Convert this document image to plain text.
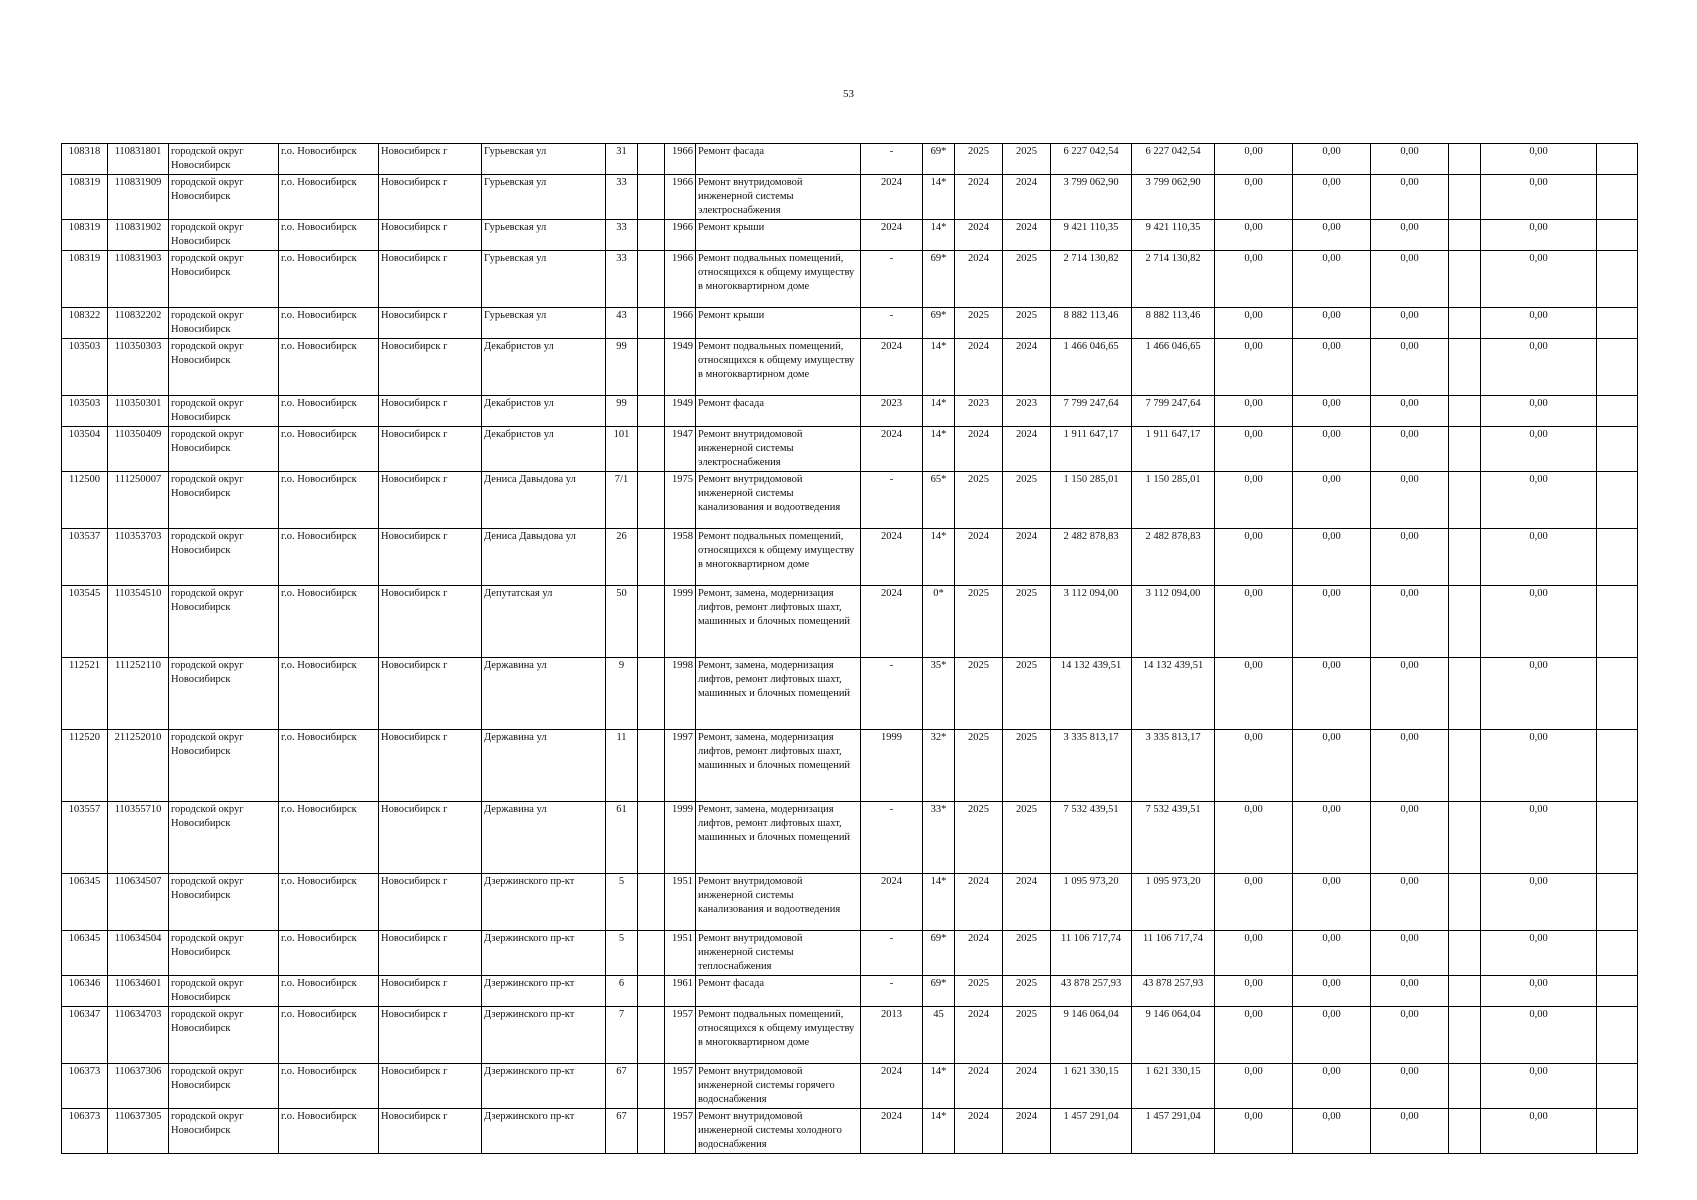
53
108318	110831801	городской округ Новосибирск	г.о. Новосибирск	Новосибирск г	Гурьевская ул	31		1966	Ремонт фасада	-	69*	2025	2025	6 227 042,54	6 227 042,54	0,00	0,00	0,00		0,00	
108319	110831909	городской округ Новосибирск	г.о. Новосибирск	Новосибирск г	Гурьевская ул	33		1966	Ремонт внутридомовой инженерной системы электроснабжения	2024	14*	2024	2024	3 799 062,90	3 799 062,90	0,00	0,00	0,00		0,00	
108319	110831902	городской округ Новосибирск	г.о. Новосибирск	Новосибирск г	Гурьевская ул	33		1966	Ремонт крыши	2024	14*	2024	2024	9 421 110,35	9 421 110,35	0,00	0,00	0,00		0,00	
108319	110831903	городской округ Новосибирск	г.о. Новосибирск	Новосибирск г	Гурьевская ул	33		1966	Ремонт подвальных помещений, относящихся к общему имуществу в многоквартирном доме	-	69*	2024	2025	2 714 130,82	2 714 130,82	0,00	0,00	0,00		0,00	
108322	110832202	городской округ Новосибирск	г.о. Новосибирск	Новосибирск г	Гурьевская ул	43		1966	Ремонт крыши	-	69*	2025	2025	8 882 113,46	8 882 113,46	0,00	0,00	0,00		0,00	
103503	110350303	городской округ Новосибирск	г.о. Новосибирск	Новосибирск г	Декабристов ул	99		1949	Ремонт подвальных помещений, относящихся к общему имуществу в многоквартирном доме	2024	14*	2024	2024	1 466 046,65	1 466 046,65	0,00	0,00	0,00		0,00	
103503	110350301	городской округ Новосибирск	г.о. Новосибирск	Новосибирск г	Декабристов ул	99		1949	Ремонт фасада	2023	14*	2023	2023	7 799 247,64	7 799 247,64	0,00	0,00	0,00		0,00	
103504	110350409	городской округ Новосибирск	г.о. Новосибирск	Новосибирск г	Декабристов ул	101		1947	Ремонт внутридомовой инженерной системы электроснабжения	2024	14*	2024	2024	1 911 647,17	1 911 647,17	0,00	0,00	0,00		0,00	
112500	111250007	городской округ Новосибирск	г.о. Новосибирск	Новосибирск г	Дениса Давыдова ул	7/1		1975	Ремонт внутридомовой инженерной системы канализования и водоотведения	-	65*	2025	2025	1 150 285,01	1 150 285,01	0,00	0,00	0,00		0,00	
103537	110353703	городской округ Новосибирск	г.о. Новосибирск	Новосибирск г	Дениса Давыдова ул	26		1958	Ремонт подвальных помещений, относящихся к общему имуществу в многоквартирном доме	2024	14*	2024	2024	2 482 878,83	2 482 878,83	0,00	0,00	0,00		0,00	
103545	110354510	городской округ Новосибирск	г.о. Новосибирск	Новосибирск г	Депутатская ул	50		1999	Ремонт, замена, модернизация лифтов, ремонт лифтовых шахт, машинных и блочных помещений	2024	0*	2025	2025	3 112 094,00	3 112 094,00	0,00	0,00	0,00		0,00	
112521	111252110	городской округ Новосибирск	г.о. Новосибирск	Новосибирск г	Державина ул	9		1998	Ремонт, замена, модернизация лифтов, ремонт лифтовых шахт, машинных и блочных помещений	-	35*	2025	2025	14 132 439,51	14 132 439,51	0,00	0,00	0,00		0,00	
112520	211252010	городской округ Новосибирск	г.о. Новосибирск	Новосибирск г	Державина ул	11		1997	Ремонт, замена, модернизация лифтов, ремонт лифтовых шахт, машинных и блочных помещений	1999	32*	2025	2025	3 335 813,17	3 335 813,17	0,00	0,00	0,00		0,00	
103557	110355710	городской округ Новосибирск	г.о. Новосибирск	Новосибирск г	Державина ул	61		1999	Ремонт, замена, модернизация лифтов, ремонт лифтовых шахт, машинных и блочных помещений	-	33*	2025	2025	7 532 439,51	7 532 439,51	0,00	0,00	0,00		0,00	
106345	110634507	городской округ Новосибирск	г.о. Новосибирск	Новосибирск г	Дзержинского пр-кт	5		1951	Ремонт внутридомовой инженерной системы канализования и водоотведения	2024	14*	2024	2024	1 095 973,20	1 095 973,20	0,00	0,00	0,00		0,00	
106345	110634504	городской округ Новосибирск	г.о. Новосибирск	Новосибирск г	Дзержинского пр-кт	5		1951	Ремонт внутридомовой инженерной системы теплоснабжения	-	69*	2024	2025	11 106 717,74	11 106 717,74	0,00	0,00	0,00		0,00	
106346	110634601	городской округ Новосибирск	г.о. Новосибирск	Новосибирск г	Дзержинского пр-кт	6		1961	Ремонт фасада	-	69*	2025	2025	43 878 257,93	43 878 257,93	0,00	0,00	0,00		0,00	
106347	110634703	городской округ Новосибирск	г.о. Новосибирск	Новосибирск г	Дзержинского пр-кт	7		1957	Ремонт подвальных помещений, относящихся к общему имуществу в многоквартирном доме	2013	45	2024	2025	9 146 064,04	9 146 064,04	0,00	0,00	0,00		0,00	
106373	110637306	городской округ Новосибирск	г.о. Новосибирск	Новосибирск г	Дзержинского пр-кт	67		1957	Ремонт внутридомовой инженерной системы горячего водоснабжения	2024	14*	2024	2024	1 621 330,15	1 621 330,15	0,00	0,00	0,00		0,00	
106373	110637305	городской округ Новосибирск	г.о. Новосибирск	Новосибирск г	Дзержинского пр-кт	67		1957	Ремонт внутридомовой инженерной системы холодного водоснабжения	2024	14*	2024	2024	1 457 291,04	1 457 291,04	0,00	0,00	0,00		0,00	
